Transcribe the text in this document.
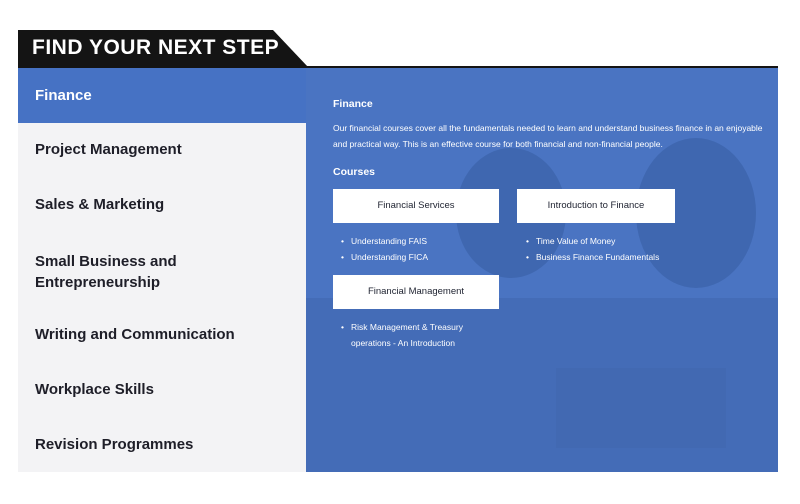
FIND YOUR NEXT STEP
Finance
Project Management
Sales & Marketing
Small Business and
Entrepreneurship
Writing and Communication
Workplace Skills
Revision Programmes
Finance
Our financial courses cover all the fundamentals needed to learn and understand business finance in an enjoyable and practical way. This is an effective course for both financial and non-financial people.
Courses
Financial Services
• Understanding FAIS
• Understanding FICA
Introduction to Finance
• Time Value of Money
• Business Finance Fundamentals
Financial Management
• Risk Management & Treasury
operations - An Introduction
